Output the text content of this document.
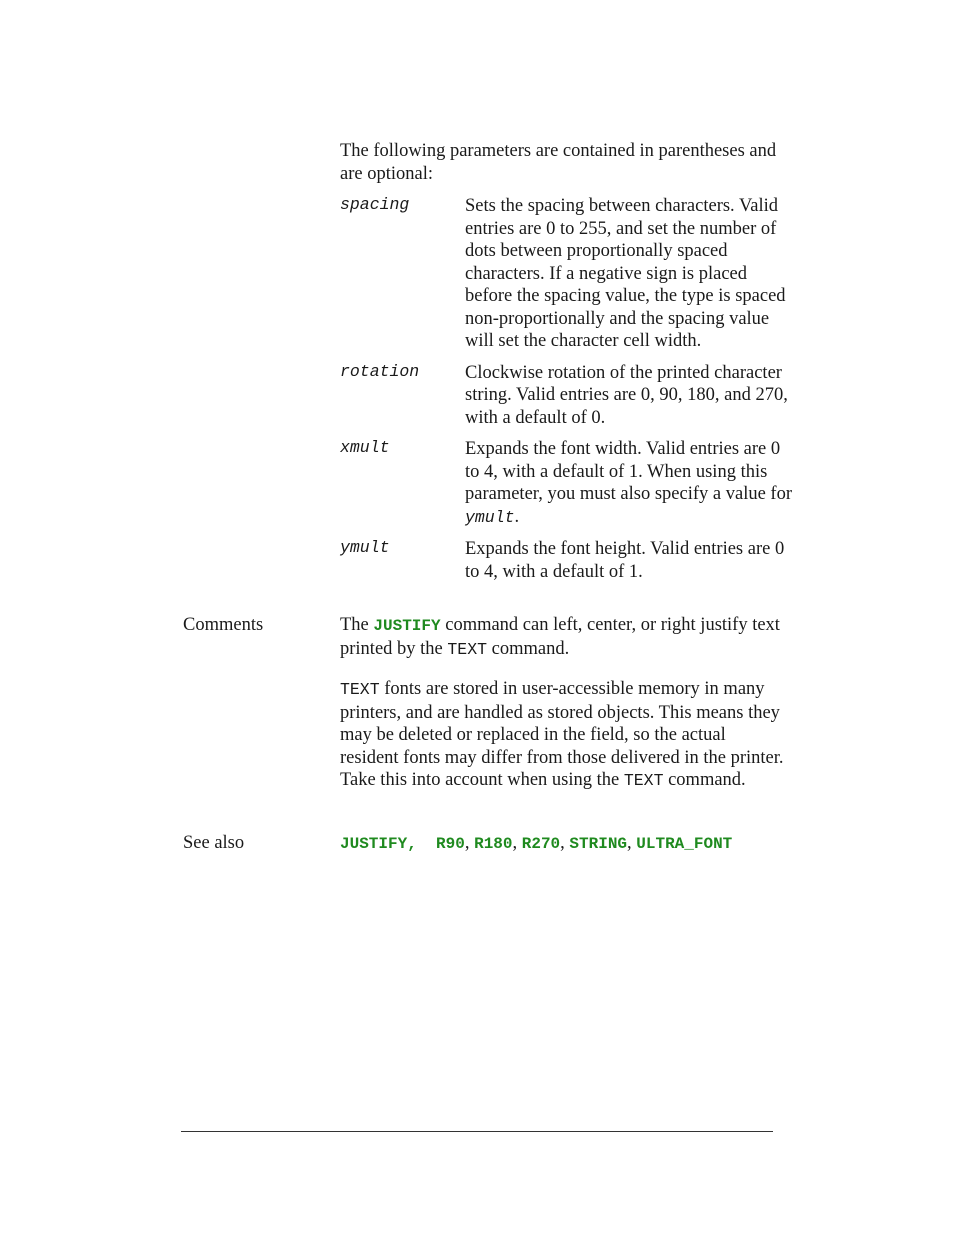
The following parameters are contained in parentheses and are optional:
spacing	Sets the spacing between characters. Valid entries are 0 to 255, and set the number of dots between proportionally spaced characters. If a negative sign is placed before the spacing value, the type is spaced non-proportionally and the spacing value will set the character cell width.
rotation	Clockwise rotation of the printed character string. Valid entries are 0, 90, 180, and 270, with a default of 0.
xmult	Expands the font width. Valid entries are 0 to 4, with a default of 1. When using this parameter, you must also specify a value for ymult.
ymult	Expands the font height. Valid entries are 0 to 4, with a default of 1.
Comments	The JUSTIFY command can left, center, or right justify text printed by the TEXT command.
TEXT fonts are stored in user-accessible memory in many printers, and are handled as stored objects. This means they may be deleted or replaced in the field, so the actual resident fonts may differ from those delivered in the printer. Take this into account when using the TEXT command.
See also	JUSTIFY,  R90, R180, R270, STRING, ULTRA_FONT
